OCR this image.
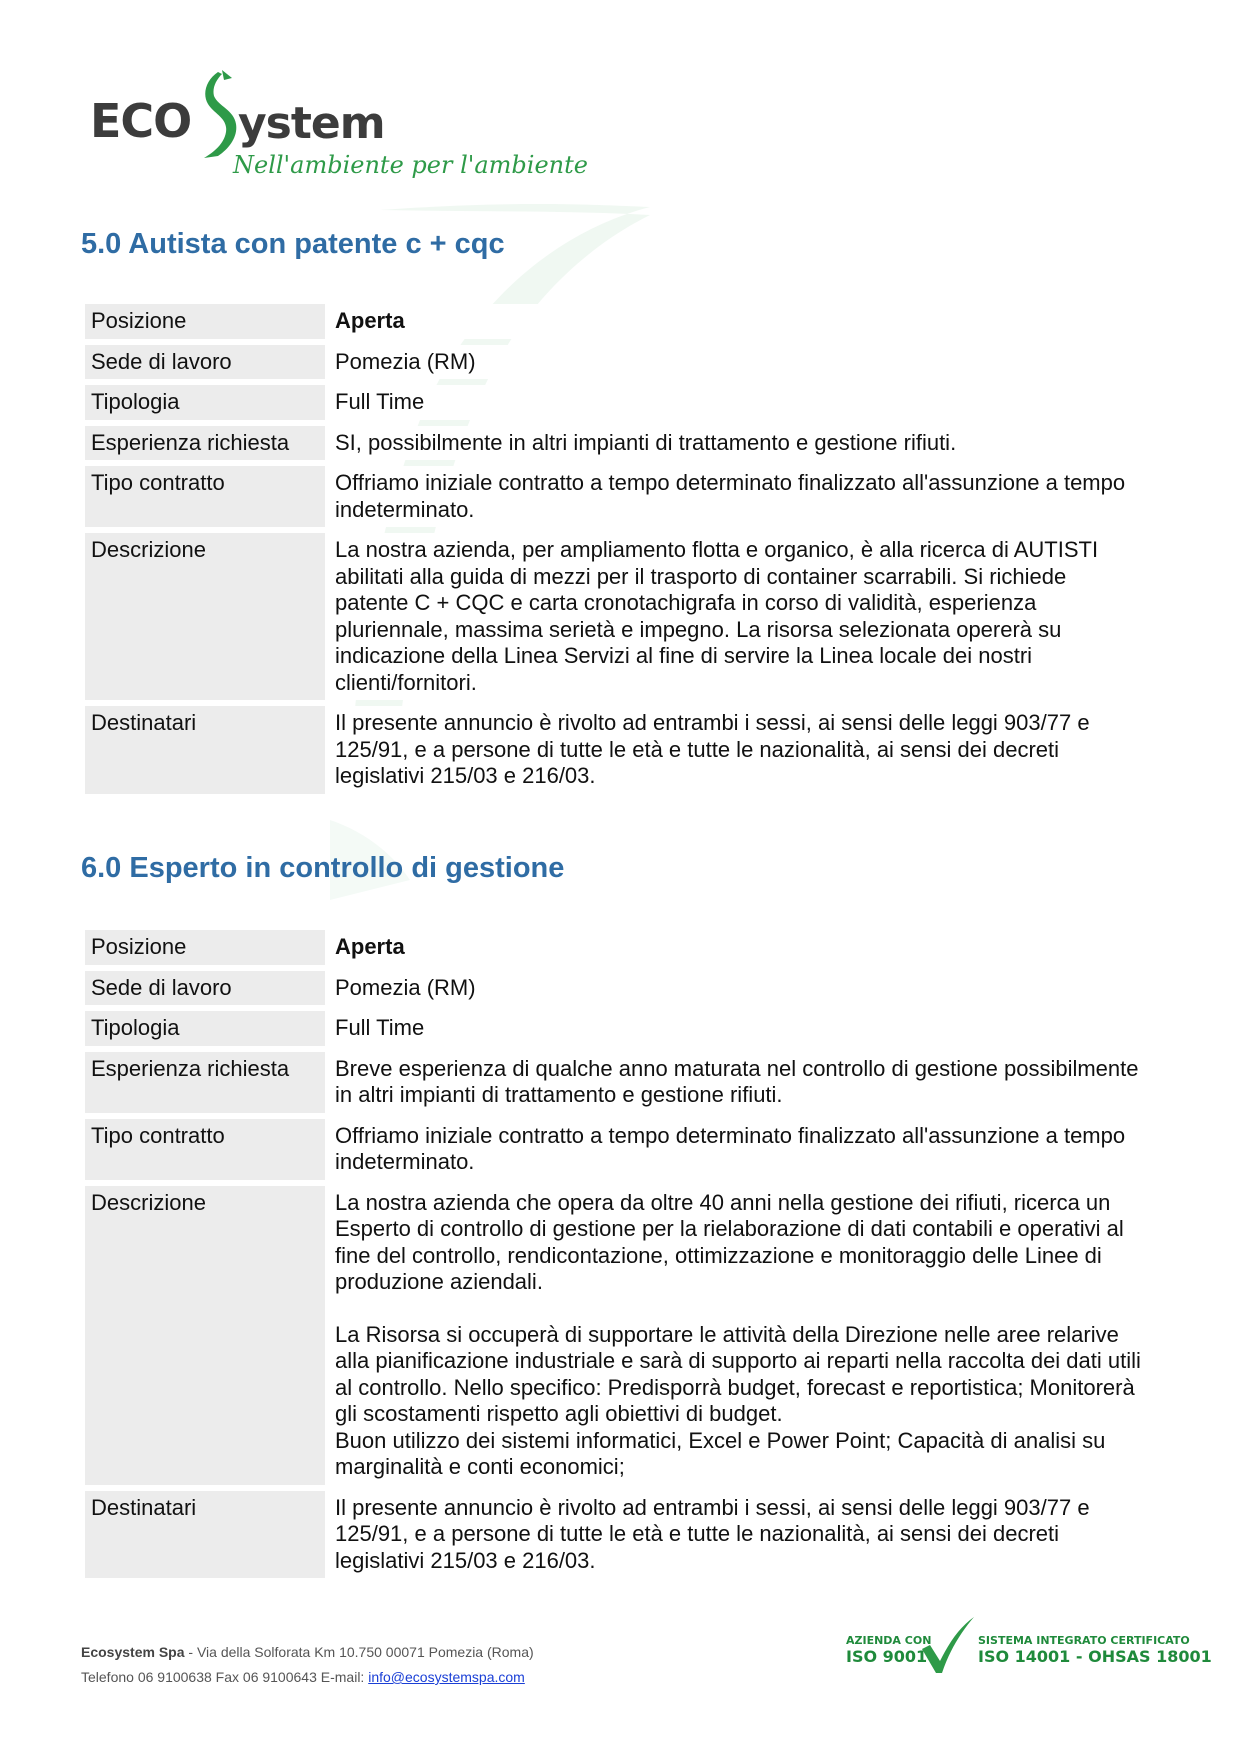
ECO ystem
Nell'ambiente per l'ambiente
5.0 Autista con patente c + cqc
Posizione	Aperta
Sede di lavoro	Pomezia (RM)
Tipologia	Full Time
Esperienza richiesta	SI, possibilmente in altri impianti di trattamento e gestione rifiuti.
Tipo contratto	Offriamo iniziale contratto a tempo determinato finalizzato all'assunzione a tempo indeterminato.
Descrizione	La nostra azienda, per ampliamento flotta e organico, è alla ricerca di AUTISTI abilitati alla guida di mezzi per il trasporto di container scarrabili. Si richiede patente C + CQC e carta cronotachigrafa in corso di validità, esperienza pluriennale, massima serietà e impegno. La risorsa selezionata opererà su indicazione della Linea Servizi al fine di servire la Linea locale dei nostri clienti/fornitori.
Destinatari	Il presente annuncio è rivolto ad entrambi i sessi, ai sensi delle leggi 903/77 e 125/91, e a persone di tutte le età e tutte le nazionalità, ai sensi dei decreti legislativi 215/03 e 216/03.
6.0 Esperto in controllo di gestione
Posizione	Aperta
Sede di lavoro	Pomezia (RM)
Tipologia	Full Time
Esperienza richiesta	Breve esperienza di qualche anno maturata nel controllo di gestione possibilmente in altri impianti di trattamento e gestione rifiuti.
Tipo contratto	Offriamo iniziale contratto a tempo determinato finalizzato all'assunzione a tempo indeterminato.
Descrizione	La nostra azienda che opera da oltre 40 anni nella gestione dei rifiuti, ricerca un Esperto di controllo di gestione per la rielaborazione di dati contabili e operativi al fine del controllo, rendicontazione, ottimizzazione e monitoraggio delle Linee di produzione aziendali.
La Risorsa si occuperà di supportare le attività della Direzione nelle aree relarive alla pianificazione industriale e sarà di supporto ai reparti nella raccolta dei dati utili al controllo. Nello specifico: Predisporrà budget, forecast e reportistica; Monitorerà gli scostamenti rispetto agli obiettivi di budget.
Buon utilizzo dei sistemi informatici, Excel e Power Point; Capacità di analisi su marginalità e conti economici;

Destinatari	Il presente annuncio è rivolto ad entrambi i sessi, ai sensi delle leggi 903/77 e 125/91, e a persone di tutte le età e tutte le nazionalità, ai sensi dei decreti legislativi 215/03 e 216/03.
Ecosystem Spa - Via della Solforata Km 10.750 00071 Pomezia (Roma)
Telefono 06 9100638 Fax 06 9100643 E-mail: info@ecosystemspa.com
AZIENDA CON
ISO 9001
SISTEMA INTEGRATO CERTIFICATO
ISO 14001 - OHSAS 18001
